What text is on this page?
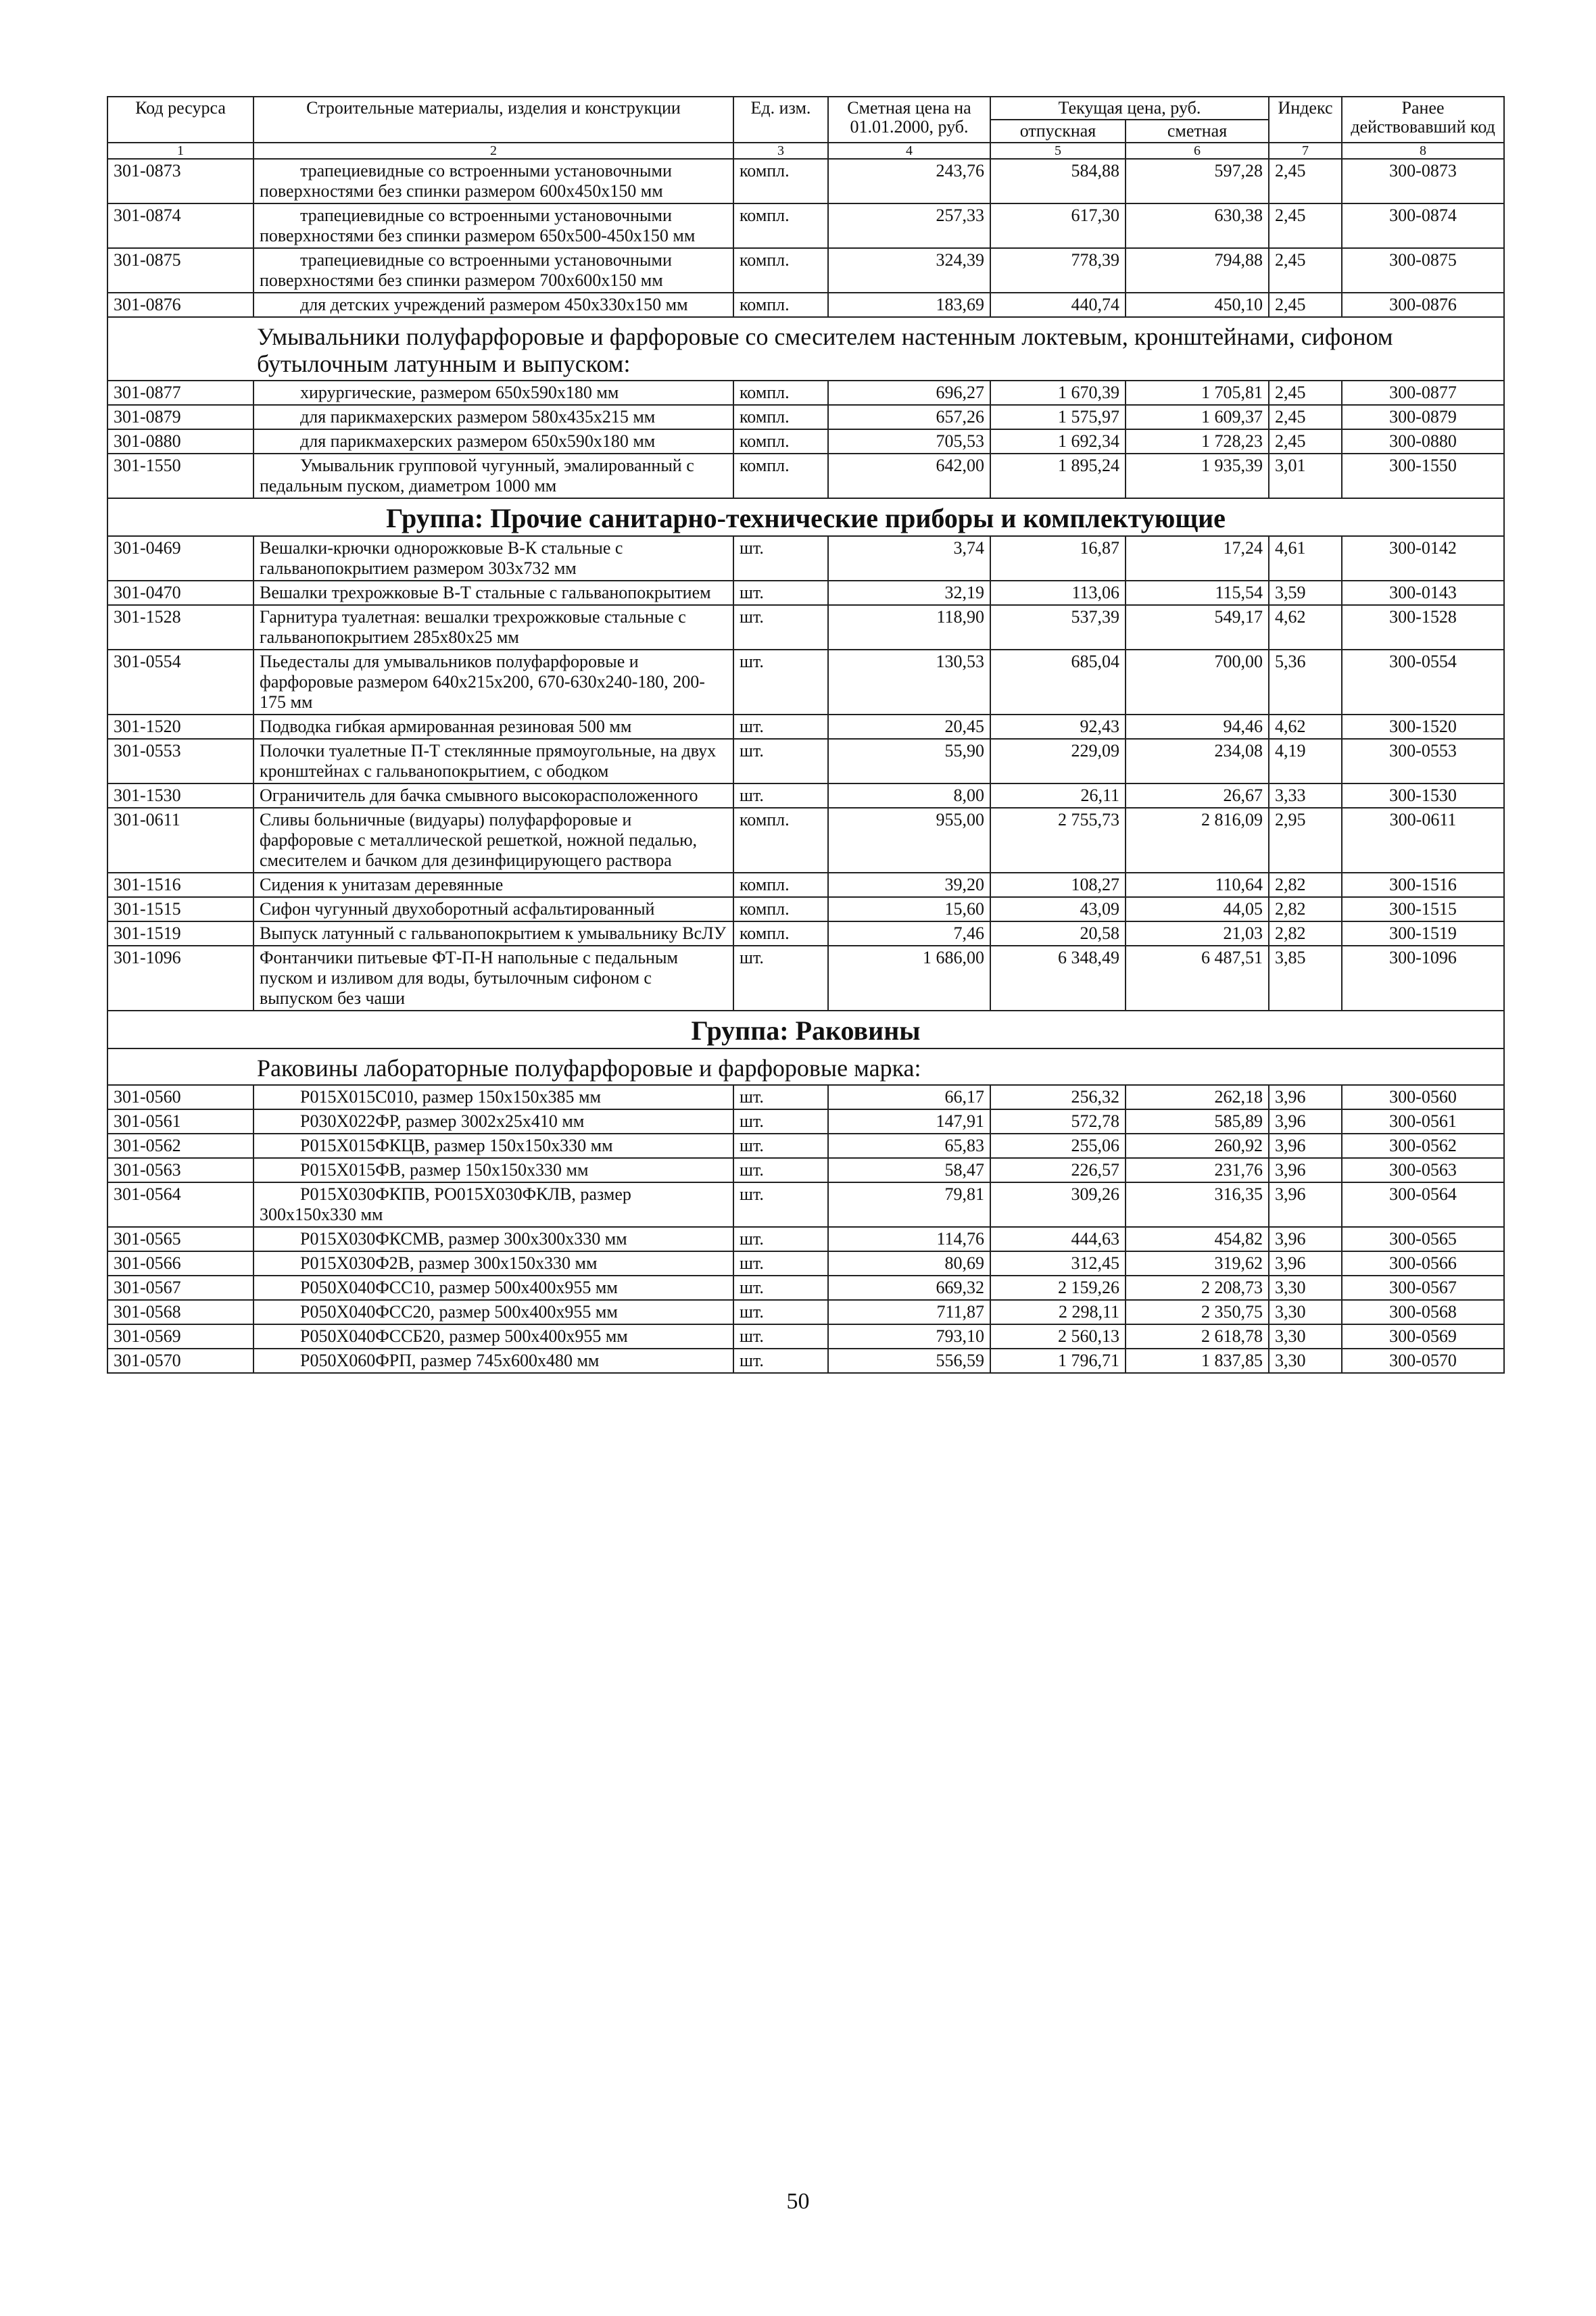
Код ресурса	Строительные материалы, изделия и конструкции	Ед. изм.	Сметная цена на 01.01.2000, руб.	Текущая цена, руб.		Индекс	Ранее действовавший код
				отпускная	сметная		
1	2	3	4	5	6	7	8
301-0873	трапециевидные со встроенными установочными поверхностями без спинки размером 600x450x150 мм	компл.	243,76	584,88	597,28	2,45	300-0873
301-0874	трапециевидные со встроенными установочными поверхностями без спинки размером 650x500-450x150 мм	компл.	257,33	617,30	630,38	2,45	300-0874
301-0875	трапециевидные со встроенными установочными поверхностями без спинки размером 700x600x150 мм	компл.	324,39	778,39	794,88	2,45	300-0875
301-0876	для детских учреждений размером 450x330x150 мм	компл.	183,69	440,74	450,10	2,45	300-0876
Умывальники полуфарфоровые и фарфоровые со смесителем настенным локтевым, кронштейнами, сифоном бутылочным латунным и выпуском:							
301-0877	хирургические, размером 650x590x180 мм	компл.	696,27	1 670,39	1 705,81	2,45	300-0877
301-0879	для парикмахерских размером 580x435x215 мм	компл.	657,26	1 575,97	1 609,37	2,45	300-0879
301-0880	для парикмахерских размером 650x590x180 мм	компл.	705,53	1 692,34	1 728,23	2,45	300-0880
301-1550	Умывальник групповой чугунный, эмалированный с педальным пуском, диаметром 1000 мм	компл.	642,00	1 895,24	1 935,39	3,01	300-1550
Группа: Прочие санитарно-технические приборы и комплектующие							
301-0469	Вешалки-крючки однорожковые В-К стальные с гальванопокрытием размером 303x732 мм	шт.	3,74	16,87	17,24	4,61	300-0142
301-0470	Вешалки трехрожковые В-Т стальные с гальванопокрытием	шт.	32,19	113,06	115,54	3,59	300-0143
301-1528	Гарнитура туалетная: вешалки трехрожковые стальные с гальванопокрытием 285x80x25 мм	шт.	118,90	537,39	549,17	4,62	300-1528
301-0554	Пьедесталы для умывальников полуфарфоровые и фарфоровые размером 640x215x200, 670-630x240-180, 200-175 мм	шт.	130,53	685,04	700,00	5,36	300-0554
301-1520	Подводка гибкая армированная резиновая 500 мм	шт.	20,45	92,43	94,46	4,62	300-1520
301-0553	Полочки туалетные П-Т стеклянные прямоугольные, на двух кронштейнах с гальванопокрытием, с ободком	шт.	55,90	229,09	234,08	4,19	300-0553
301-1530	Ограничитель для бачка смывного высокорасположенного	шт.	8,00	26,11	26,67	3,33	300-1530
301-0611	Сливы больничные (видуары) полуфарфоровые и фарфоровые с металлической решеткой, ножной педалью, смесителем и бачком для дезинфицирующего раствора	компл.	955,00	2 755,73	2 816,09	2,95	300-0611
301-1516	Сидения к унитазам деревянные	компл.	39,20	108,27	110,64	2,82	300-1516
301-1515	Сифон чугунный двухоборотный асфальтированный	компл.	15,60	43,09	44,05	2,82	300-1515
301-1519	Выпуск латунный с гальванопокрытием к умывальнику ВсЛУ	компл.	7,46	20,58	21,03	2,82	300-1519
301-1096	Фонтанчики питьевые ФТ-П-Н напольные с педальным пуском и изливом для воды, бутылочным сифоном с выпуском без чаши	шт.	1 686,00	6 348,49	6 487,51	3,85	300-1096
Группа: Раковины							
Раковины лабораторные полуфарфоровые и фарфоровые марка:							
301-0560	Р015Х015С010, размер 150x150x385 мм	шт.	66,17	256,32	262,18	3,96	300-0560
301-0561	Р030Х022ФР, размер 3002x25x410 мм	шт.	147,91	572,78	585,89	3,96	300-0561
301-0562	Р015Х015ФКЦВ, размер 150x150x330 мм	шт.	65,83	255,06	260,92	3,96	300-0562
301-0563	Р015Х015ФВ, размер 150x150x330 мм	шт.	58,47	226,57	231,76	3,96	300-0563
301-0564	Р015Х030ФКПВ, РО015Х030ФКЛВ, размер 300x150x330 мм	шт.	79,81	309,26	316,35	3,96	300-0564
301-0565	Р015Х030ФКСМВ, размер 300x300x330 мм	шт.	114,76	444,63	454,82	3,96	300-0565
301-0566	Р015Х030Ф2В, размер 300x150x330 мм	шт.	80,69	312,45	319,62	3,96	300-0566
301-0567	Р050Х040ФСС10, размер 500x400x955 мм	шт.	669,32	2 159,26	2 208,73	3,30	300-0567
301-0568	Р050Х040ФСС20, размер 500x400x955 мм	шт.	711,87	2 298,11	2 350,75	3,30	300-0568
301-0569	Р050Х040ФССБ20, размер 500x400x955 мм	шт.	793,10	2 560,13	2 618,78	3,30	300-0569
301-0570	Р050Х060ФРП, размер 745x600x480 мм	шт.	556,59	1 796,71	1 837,85	3,30	300-0570
50
